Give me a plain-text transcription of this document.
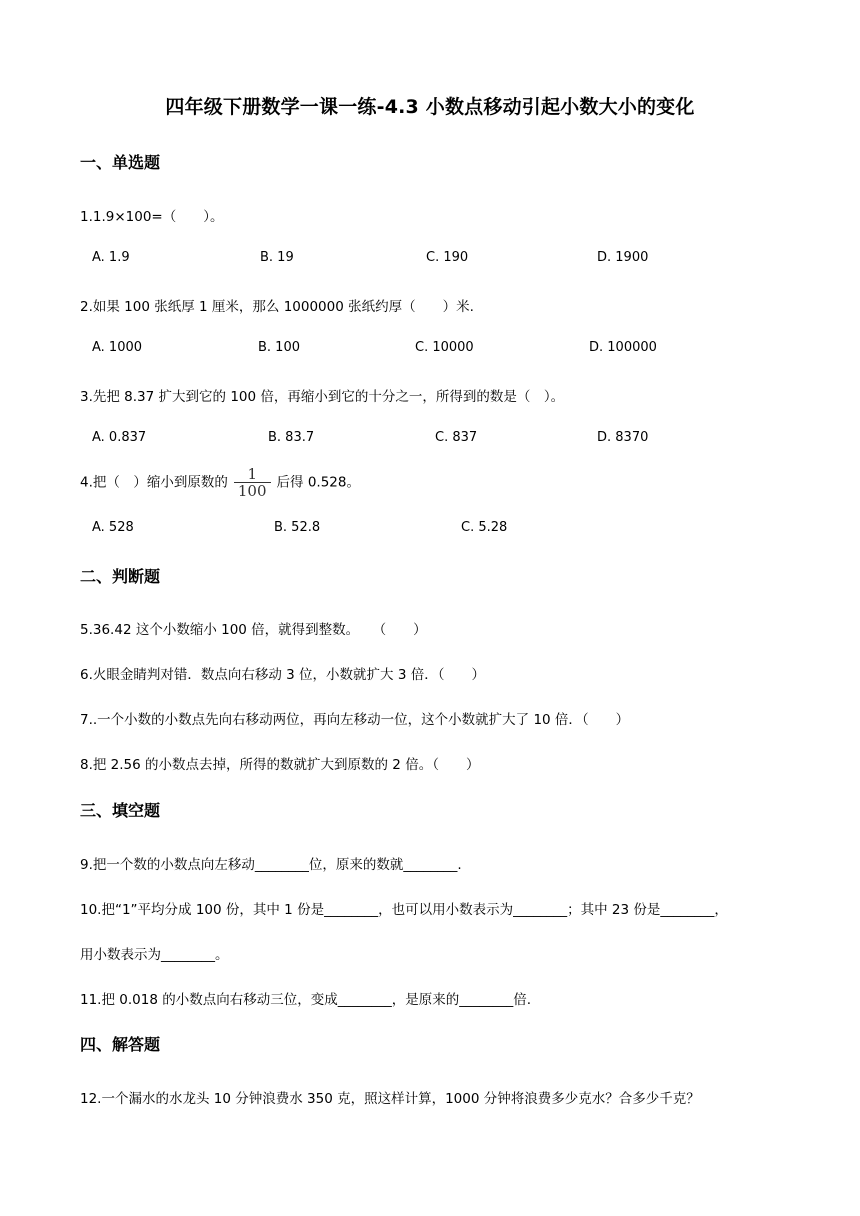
四年级下册数学一课一练-4.3 小数点移动引起小数大小的变化
一、单选题
1.1.9×100=（　　）。
A. 1.9	B. 19	C. 190	D. 1900
2.如果 100 张纸厚 1 厘米，那么 1000000 张纸约厚（　　）米.
A. 1000	B. 100	C. 10000	D. 100000
3.先把 8.37 扩大到它的 100 倍，再缩小到它的十分之一，所得到的数是（　）。
A. 0.837	B. 83.7	C. 837	D. 8370
4.把（　）缩小到原数的 $\frac{1}{100}$ 后得 0.528。
A. 528	B. 52.8	C. 5.28
二、判断题
5.36.42 这个小数缩小 100 倍，就得到整数。　　（　　）
6.火眼金睛判对错．数点向右移动 3 位，小数就扩大 3 倍．（　　）
7..一个小数的小数点先向右移动两位，再向左移动一位，这个小数就扩大了 10 倍．（　　）
8.把 2.56 的小数点去掉，所得的数就扩大到原数的 2 倍。（　　）
三、填空题
9.把一个数的小数点向左移动________位，原来的数就________.
10.把“1”平均分成 100 份，其中 1 份是________，也可以用小数表示为________；其中 23 份是________，
用小数表示为________。
11.把 0.018 的小数点向右移动三位，变成________，是原来的________倍.
四、解答题
12.一个漏水的水龙头 10 分钟浪费水 350 克，照这样计算，1000 分钟将浪费多少克水？合多少千克？
